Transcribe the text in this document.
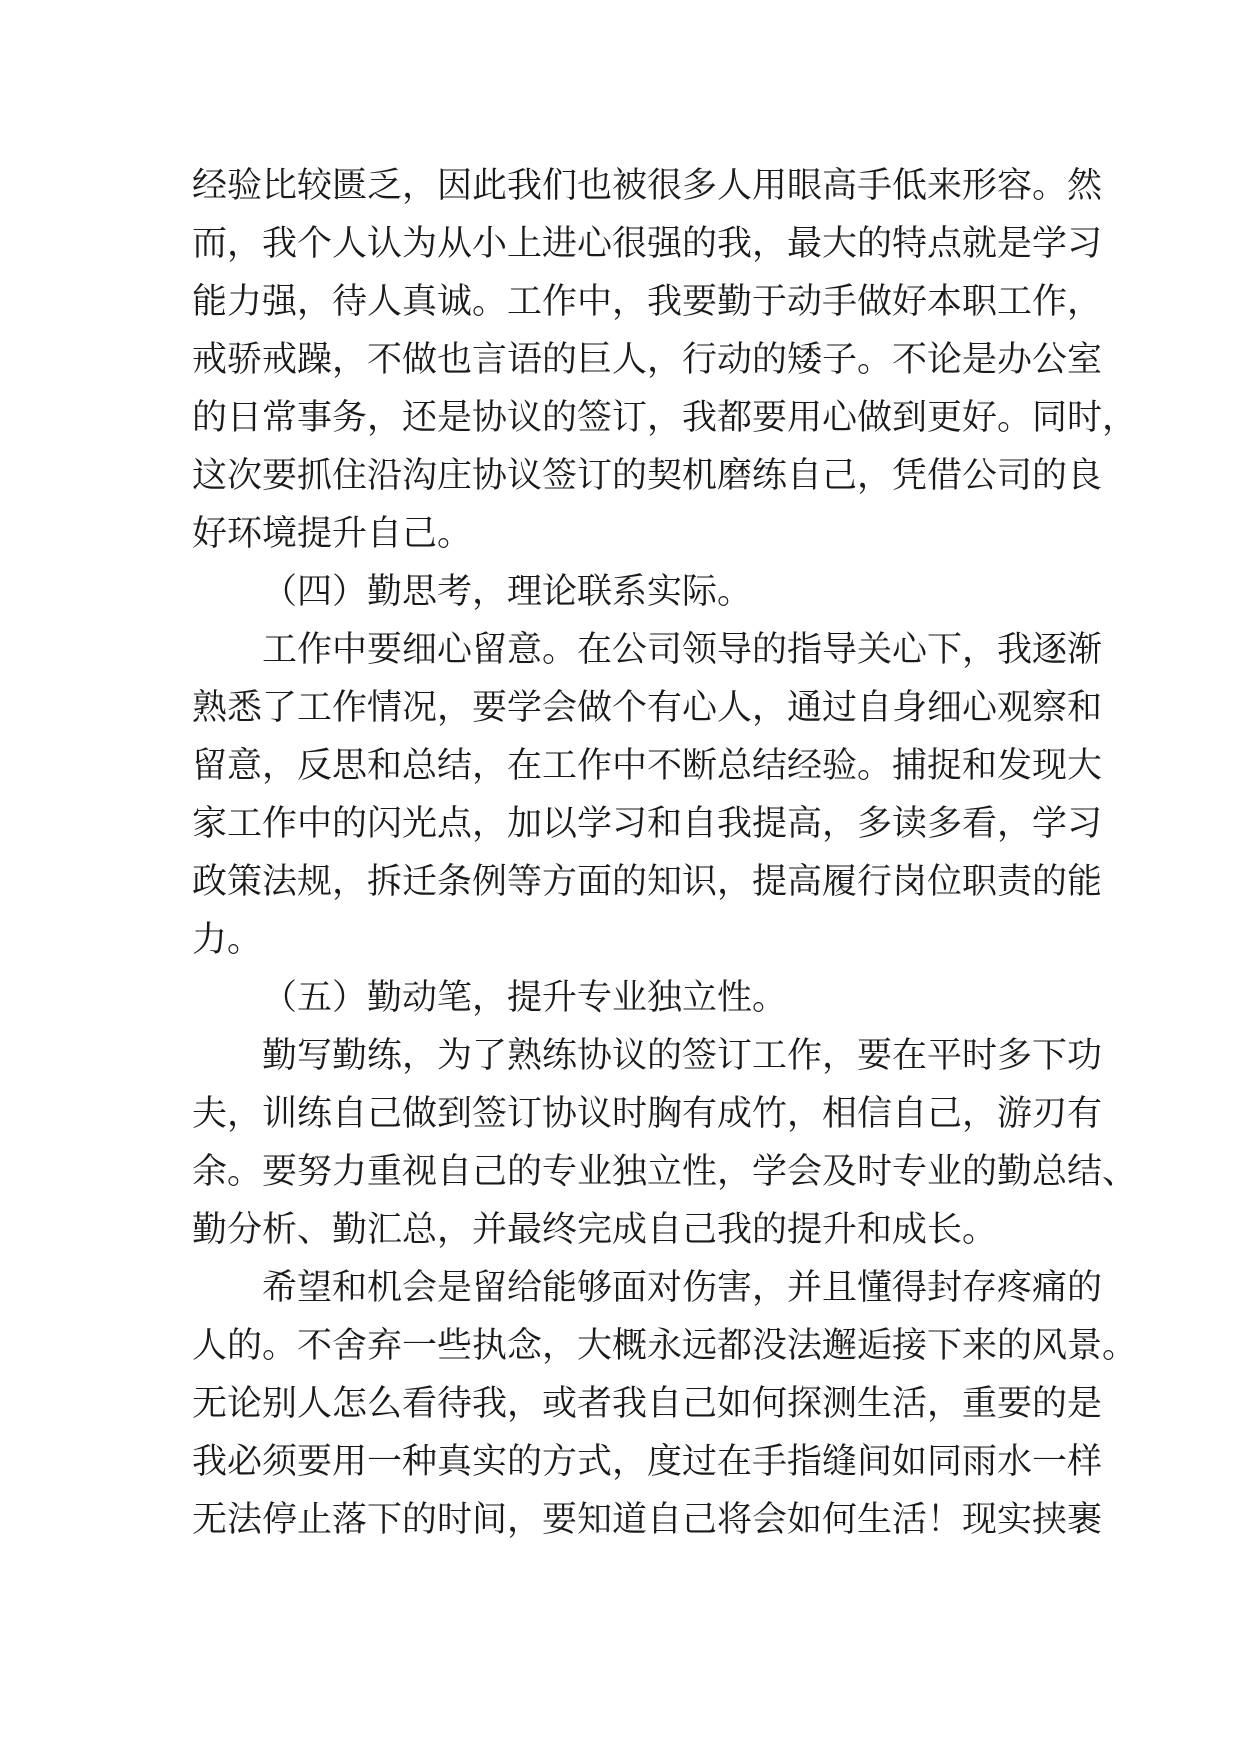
经验比较匮乏，因此我们也被很多人用眼高手低来形容。然
而，我个人认为从小上进心很强的我，最大的特点就是学习
能力强，待人真诚。工作中，我要勤于动手做好本职工作，
戒骄戒躁，不做也言语的巨人，行动的矮子。不论是办公室
的日常事务，还是协议的签订，我都要用心做到更好。同时，
这次要抓住沿沟庄协议签订的契机磨练自己，凭借公司的良
好环境提升自己。
（四）勤思考，理论联系实际。
工作中要细心留意。在公司领导的指导关心下，我逐渐
熟悉了工作情况，要学会做个有心人，通过自身细心观察和
留意，反思和总结，在工作中不断总结经验。捕捉和发现大
家工作中的闪光点，加以学习和自我提高，多读多看，学习
政策法规，拆迁条例等方面的知识，提高履行岗位职责的能
力。
（五）勤动笔，提升专业独立性。
勤写勤练，为了熟练协议的签订工作，要在平时多下功
夫，训练自己做到签订协议时胸有成竹，相信自己，游刃有
余。要努力重视自己的专业独立性，学会及时专业的勤总结、
勤分析、勤汇总，并最终完成自己我的提升和成长。
希望和机会是留给能够面对伤害，并且懂得封存疼痛的
人的。不舍弃一些执念，大概永远都没法邂逅接下来的风景。
无论别人怎么看待我，或者我自己如何探测生活，重要的是
我必须要用一种真实的方式，度过在手指缝间如同雨水一样
无法停止落下的时间，要知道自己将会如何生活！现实挟裹
